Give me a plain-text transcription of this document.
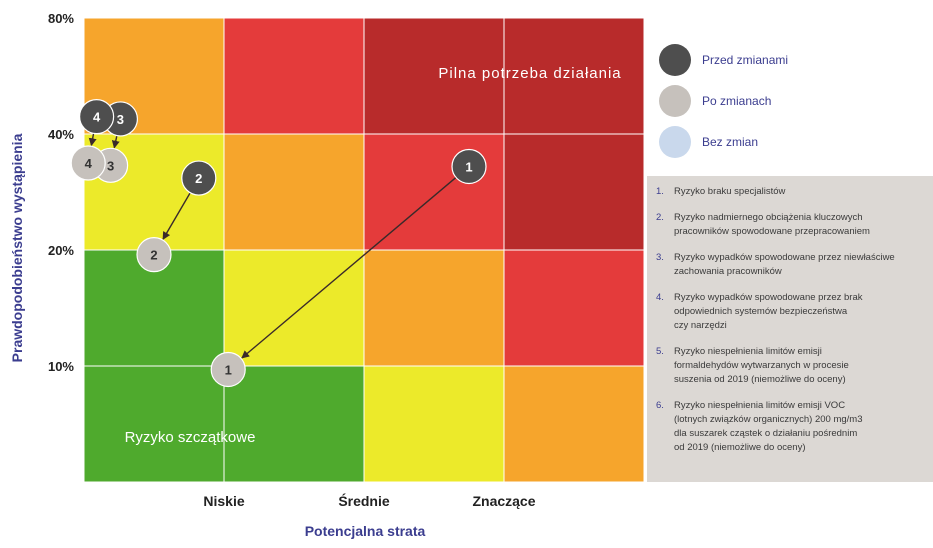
Pilna potrzeba działania
Ryzyko szczątkowe
80%
40%
20%
10%
Niskie	Średnie	Znaczące
Potencjalna strata
Prawdopodobieństwo wystąpienia
1
2
3
4	1
2
3
4
Przed zmianami
Po zmianach
Bez zmian
1. Ryzyko braku specjalistów
2. Ryzyko nadmiernego obciążenia kluczowych
pracowników spowodowane przepracowaniem
3. Ryzyko wypadków spowodowane przez niewłaściwe
zachowania pracowników
4. Ryzyko wypadków spowodowane przez brak
odpowiednich systemów bezpieczeństwa
czy narzędzi
5. Ryzyko niespełnienia limitów emisji
formaldehydów wytwarzanych w procesie
suszenia od 2019 (niemożliwe do oceny)
6. Ryzyko niespełnienia limitów emisji VOC
(lotnych związków organicznych) 200 mg/m3
dla suszarek cząstek o działaniu pośrednim
od 2019 (niemożliwe do oceny)
